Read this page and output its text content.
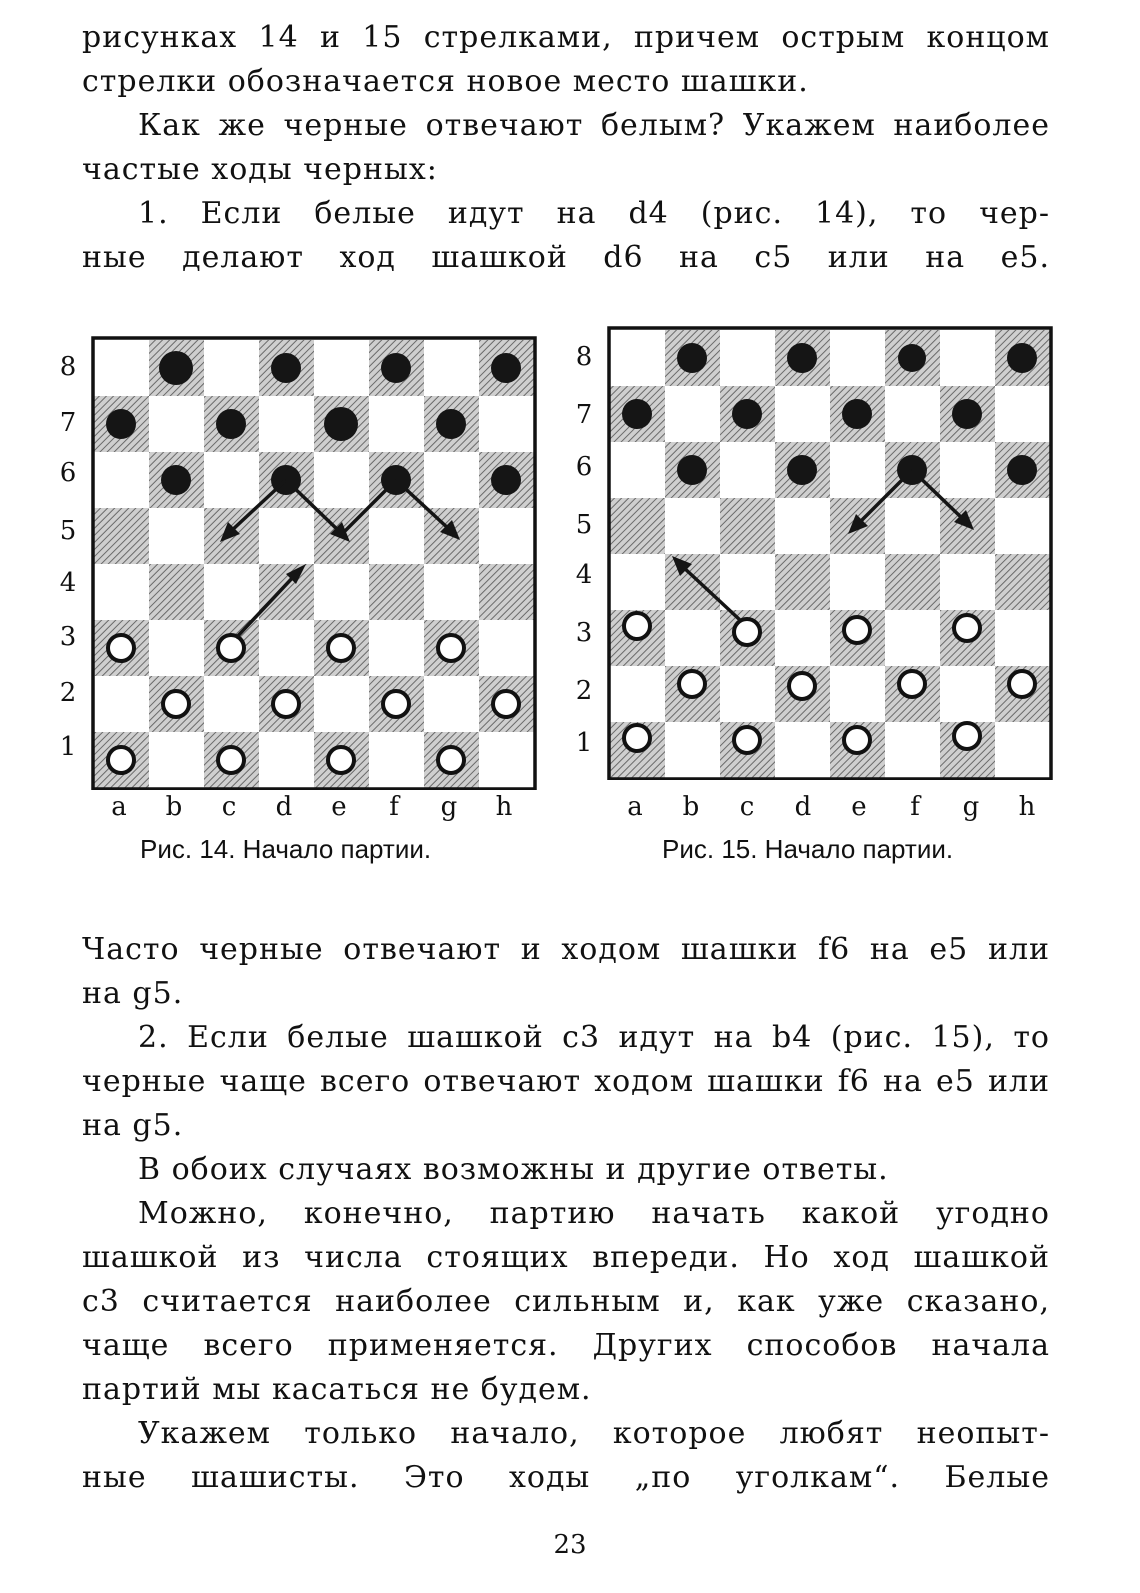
рисунках 14 и 15 стрелками, причем острым концом
стрелки обозначается новое место шашки.
Как же черные отвечают белым? Укажем наиболее
частые ходы черных:
1. Если белые идут на d4 (рис. 14), то чер-
ные делают ход шашкой d6 на c5 или на e5.
8
7
6
5
4
3
2
1
a b c d e	f	g h
Рис. 14. Начало партии.
8
7
6
5
4
3
2
1
a b c d e	f	g h
Рис. 15. Начало партии.
Часто черные отвечают и ходом шашки f6 на e5 или
на g5.
2. Если белые шашкой c3 идут на b4 (рис. 15), то
черные чаще всего отвечают ходом шашки f6 на e5 или
на g5.
В обоих случаях возможны и другие ответы.
Можно, конечно, партию начать какой угодно
шашкой из числа стоящих впереди. Но ход шашкой
c3 считается наиболее сильным и, как уже сказано,
чаще всего применяется. Других способов начала
партий мы касаться не будем.
Укажем только начало, которое любят неопыт-
ные шашисты. Это ходы „по уголкам“. Белые
23
